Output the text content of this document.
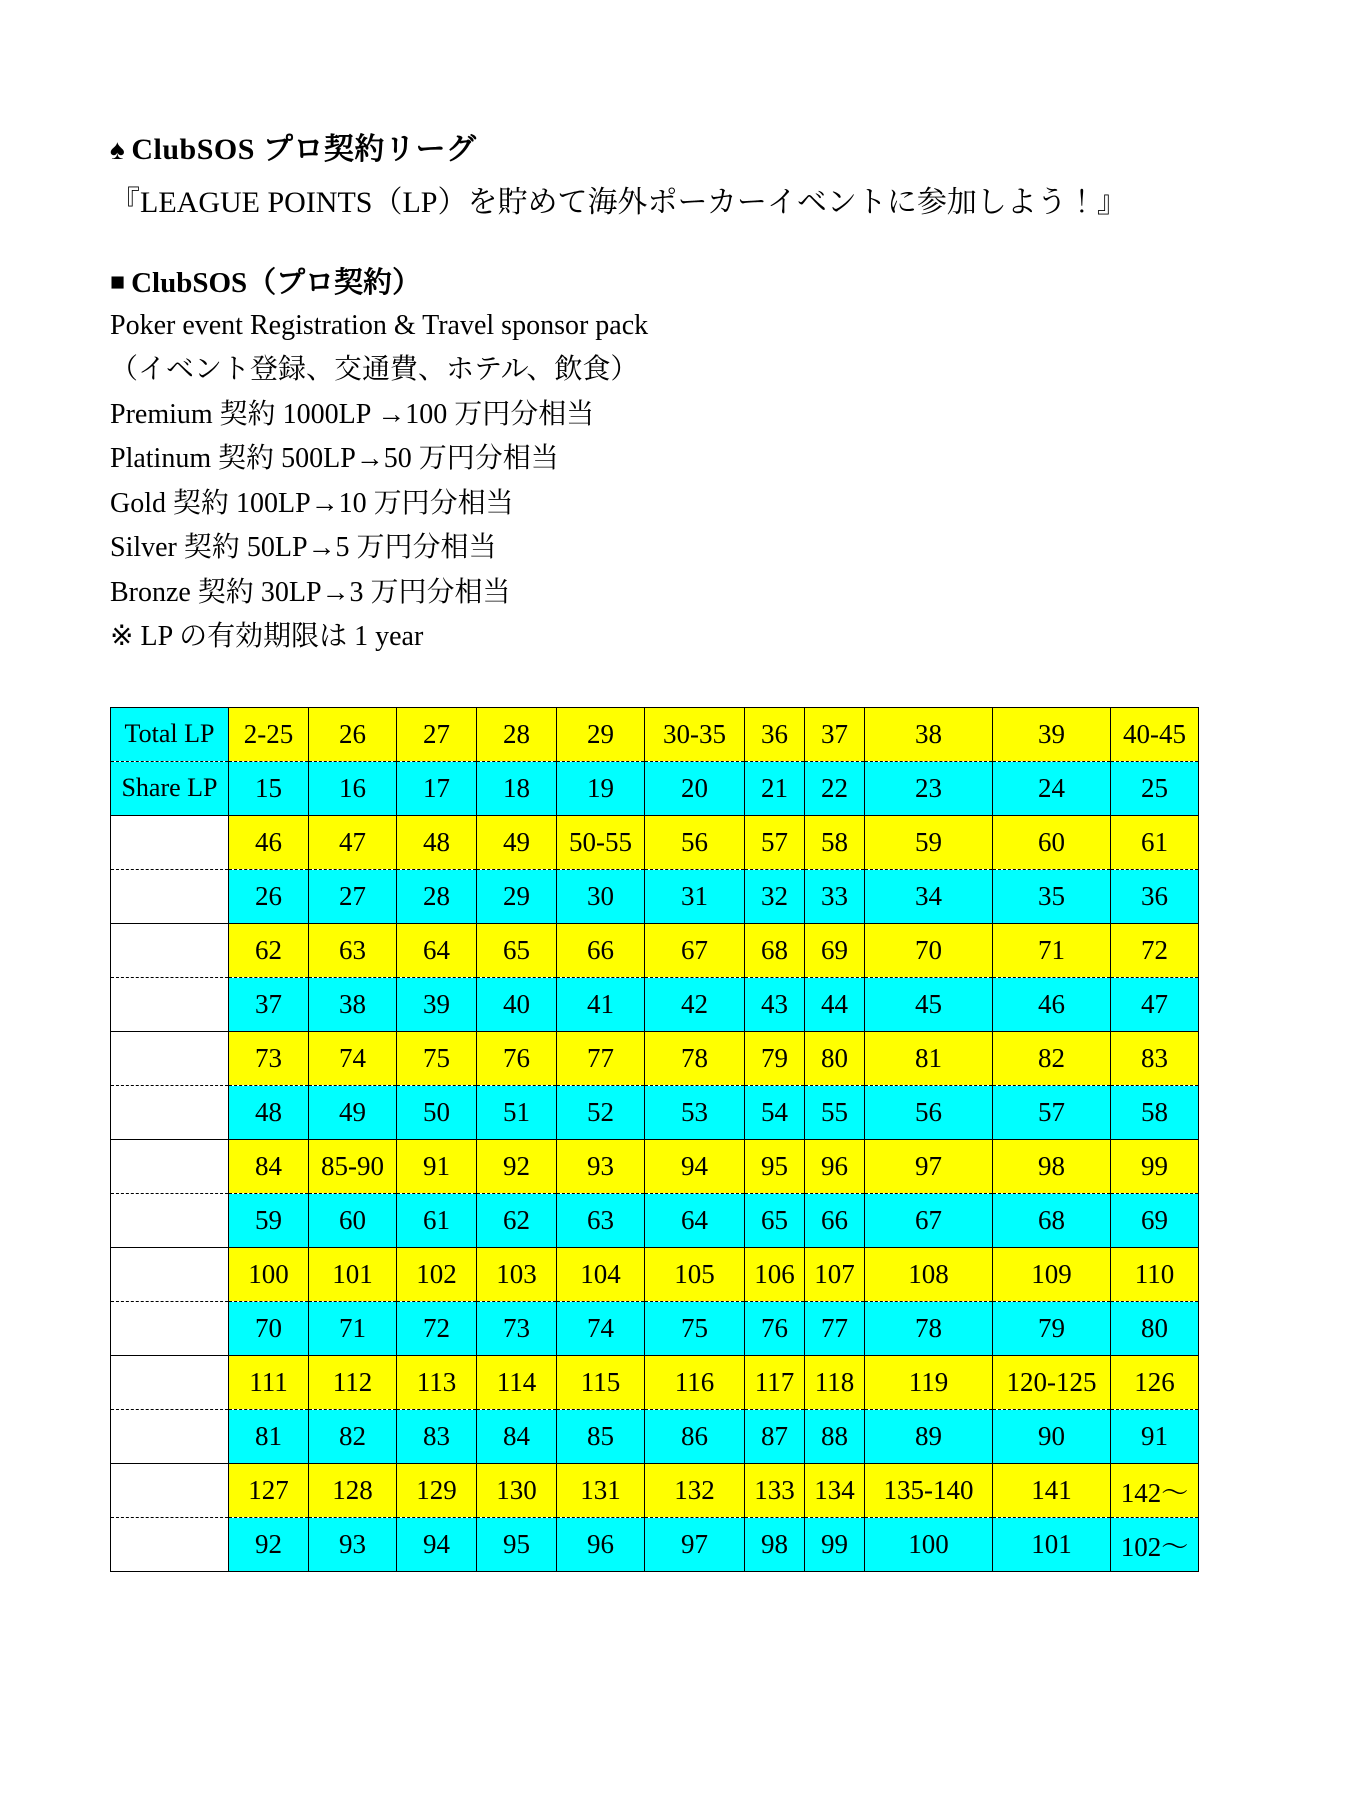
♠ ClubSOS プロ契約リーグ
『LEAGUE POINTS（LP）を貯めて海外ポーカーイベントに参加しよう！』
■ ClubSOS（プロ契約）
Poker event Registration & Travel sponsor pack
（イベント登録、交通費、ホテル、飲食）
Premium 契約 1000LP →100 万円分相当
Platinum 契約 500LP→50 万円分相当
Gold 契約 100LP→10 万円分相当
Silver 契約 50LP→5 万円分相当
Bronze 契約 30LP→3 万円分相当
※ LP の有効期限は 1 year
Total LP	2-25	26	27	28	29	30-35	36	37	38	39	40-45
Share LP	15	16	17	18	19	20	21	22	23	24	25
	46	47	48	49	50-55	56	57	58	59	60	61
	26	27	28	29	30	31	32	33	34	35	36
	62	63	64	65	66	67	68	69	70	71	72
	37	38	39	40	41	42	43	44	45	46	47
	73	74	75	76	77	78	79	80	81	82	83
	48	49	50	51	52	53	54	55	56	57	58
	84	85-90	91	92	93	94	95	96	97	98	99
	59	60	61	62	63	64	65	66	67	68	69
	100	101	102	103	104	105	106	107	108	109	110
	70	71	72	73	74	75	76	77	78	79	80
	111	112	113	114	115	116	117	118	119	120-125	126
	81	82	83	84	85	86	87	88	89	90	91
	127	128	129	130	131	132	133	134	135-140	141	142～
	92	93	94	95	96	97	98	99	100	101	102～
